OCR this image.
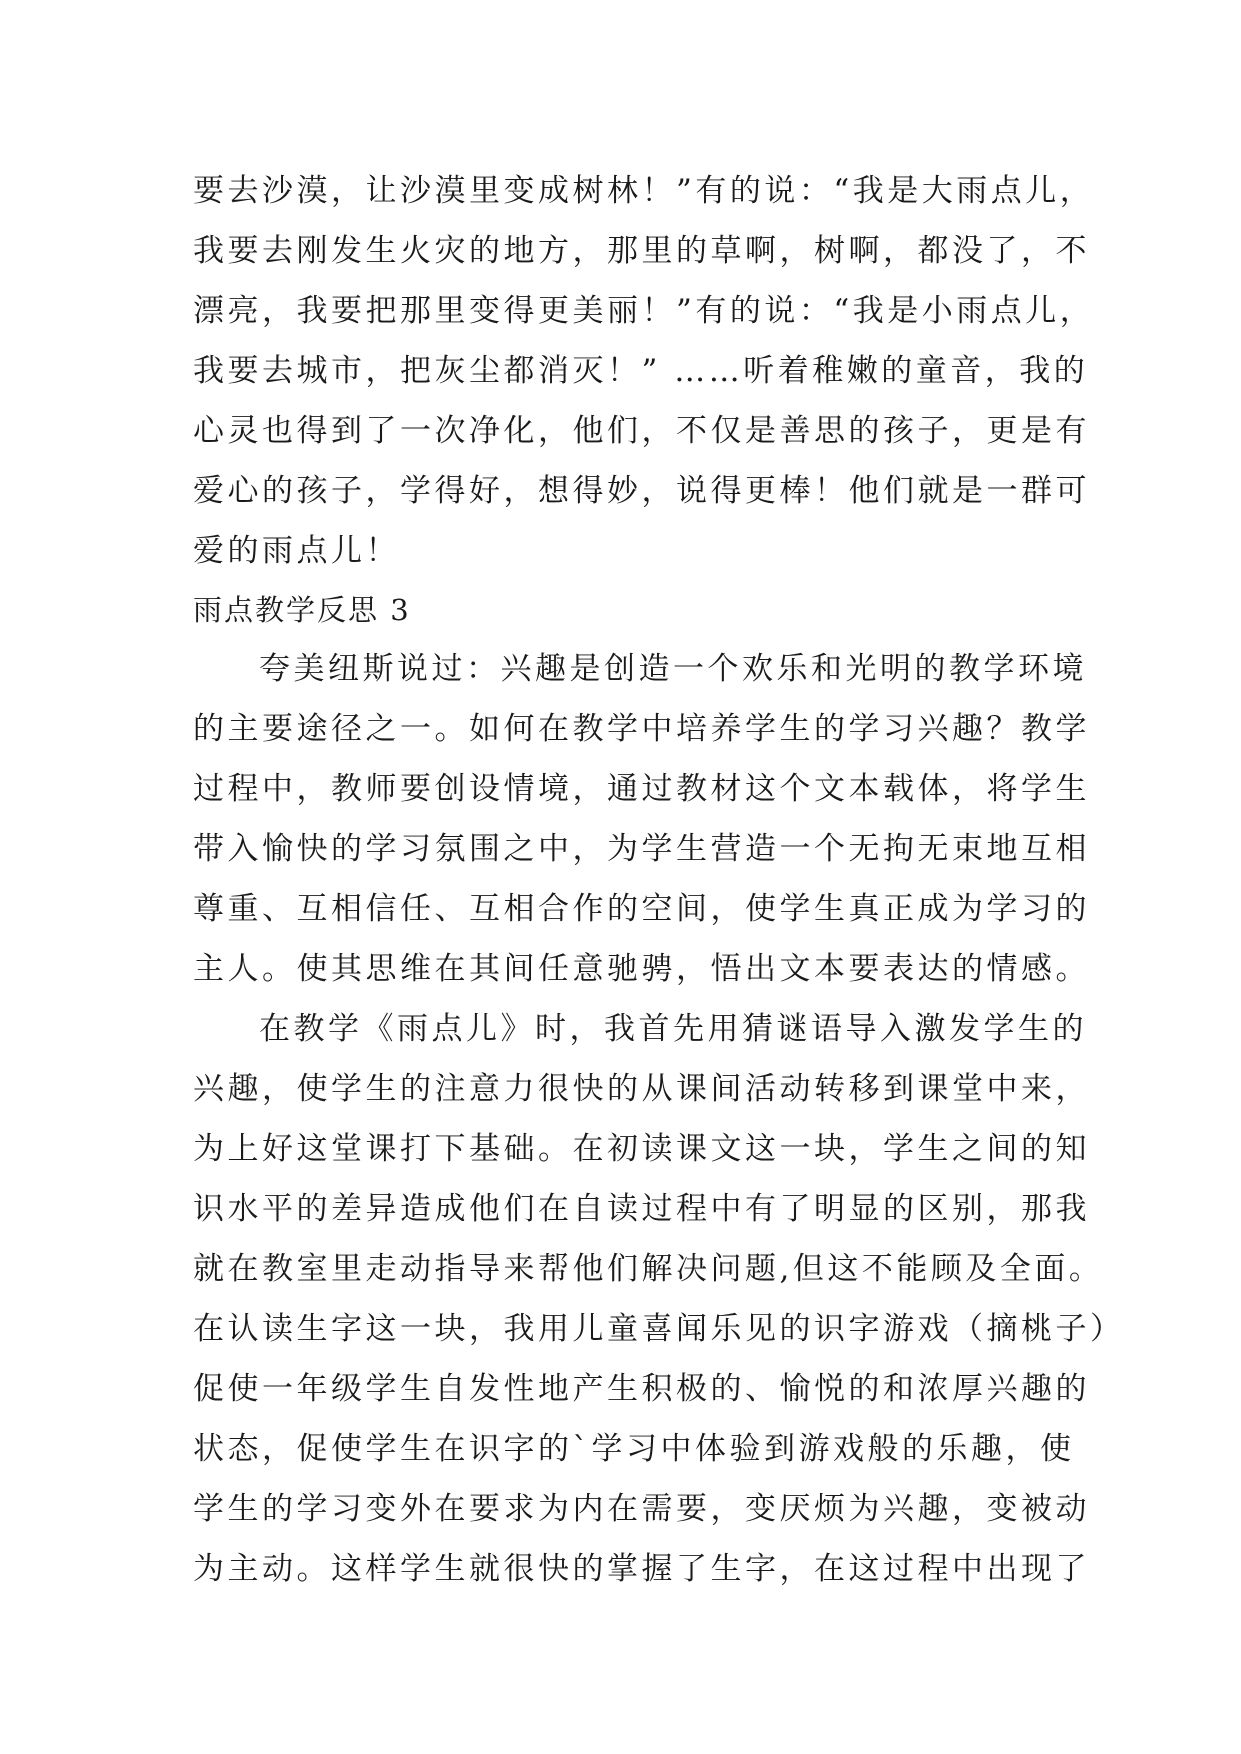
要去沙漠，让沙漠里变成树林！”有的说：“我是大雨点儿，
我要去刚发生火灾的地方，那里的草啊，树啊，都没了，不
漂亮，我要把那里变得更美丽！”有的说：“我是小雨点儿，
我要去城市，把灰尘都消灭！” ……听着稚嫩的童音，我的
心灵也得到了一次净化，他们，不仅是善思的孩子，更是有
爱心的孩子，学得好，想得妙，说得更棒！他们就是一群可
爱的雨点儿！
雨点教学反思 3
夸美纽斯说过：兴趣是创造一个欢乐和光明的教学环境
的主要途径之一。如何在教学中培养学生的学习兴趣？教学
过程中，教师要创设情境，通过教材这个文本载体，将学生
带入愉快的学习氛围之中，为学生营造一个无拘无束地互相
尊重、互相信任、互相合作的空间，使学生真正成为学习的
主人。使其思维在其间任意驰骋，悟出文本要表达的情感。
在教学《雨点儿》时，我首先用猜谜语导入激发学生的
兴趣，使学生的注意力很快的从课间活动转移到课堂中来，
为上好这堂课打下基础。在初读课文这一块，学生之间的知
识水平的差异造成他们在自读过程中有了明显的区别，那我
就在教室里走动指导来帮他们解决问题,但这不能顾及全面。
在认读生字这一块，我用儿童喜闻乐见的识字游戏（摘桃子）
促使一年级学生自发性地产生积极的、愉悦的和浓厚兴趣的
状态，促使学生在识字的`学习中体验到游戏般的乐趣，使
学生的学习变外在要求为内在需要，变厌烦为兴趣，变被动
为主动。这样学生就很快的掌握了生字，在这过程中出现了
